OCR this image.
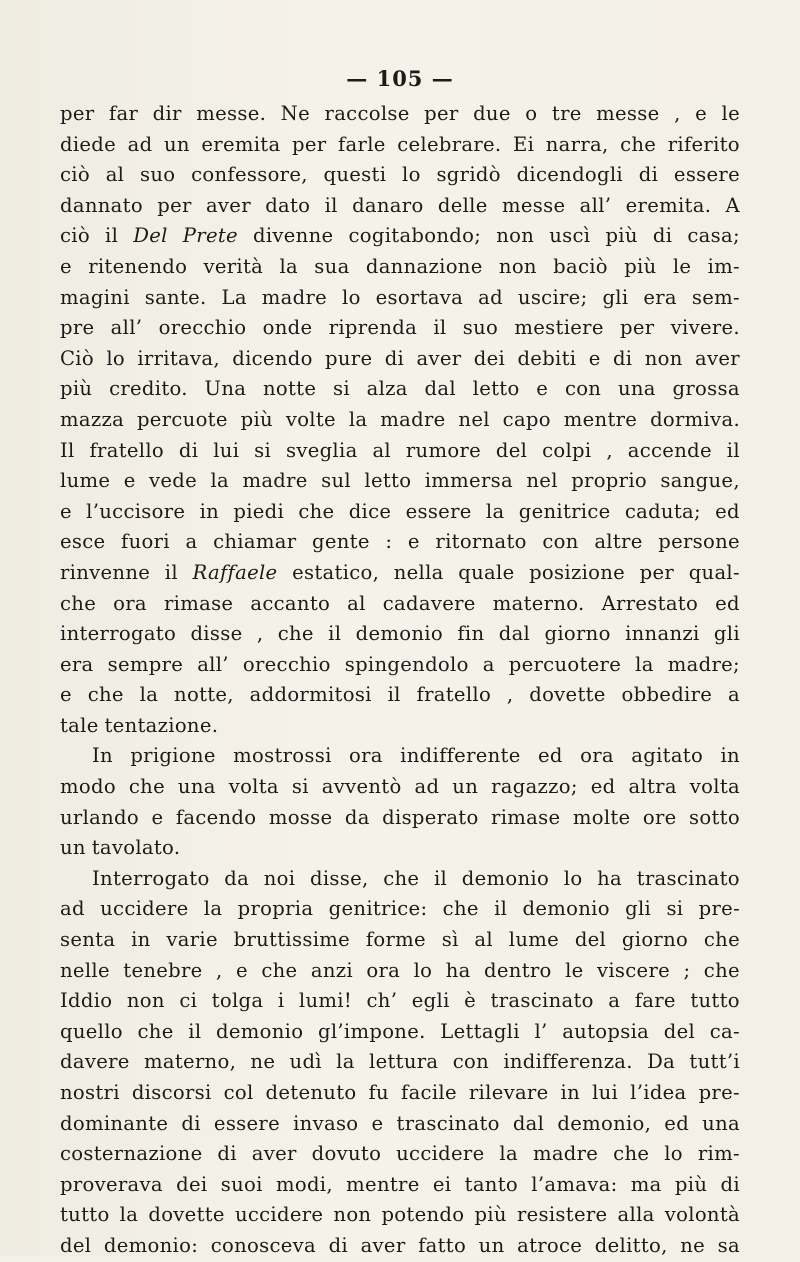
— 105 —
per far dir messe. Ne raccolse per due o tre messe , e le
diede ad un eremita per farle celebrare. Ei narra, che riferito
ciò al suo confessore, questi lo sgridò dicendogli di essere
dannato per aver dato il danaro delle messe all’ eremita. A
ciò il Del Prete divenne cogitabondo; non uscì più di casa;
e ritenendo verità la sua dannazione non baciò più le im-
magini sante. La madre lo esortava ad uscire; gli era sem-
pre all’ orecchio onde riprenda il suo mestiere per vivere.
Ciò lo irritava, dicendo pure di aver dei debiti e di non aver
più credito. Una notte si alza dal letto e con una grossa
mazza percuote più volte la madre nel capo mentre dormiva.
Il fratello di lui si sveglia al rumore del colpi , accende il
lume e vede la madre sul letto immersa nel proprio sangue,
e l’uccisore in piedi che dice essere la genitrice caduta; ed
esce fuori a chiamar gente : e ritornato con altre persone
rinvenne il Raffaele estatico, nella quale posizione per qual-
che ora rimase accanto al cadavere materno. Arrestato ed
interrogato disse , che il demonio fin dal giorno innanzi gli
era sempre all’ orecchio spingendolo a percuotere la madre;
e che la notte, addormitosi il fratello , dovette obbedire a
tale tentazione.
In prigione mostrossi ora indifferente ed ora agitato in
modo che una volta si avventò ad un ragazzo; ed altra volta
urlando e facendo mosse da disperato rimase molte ore sotto
un tavolato.
Interrogato da noi disse, che il demonio lo ha trascinato
ad uccidere la propria genitrice: che il demonio gli si pre-
senta in varie bruttissime forme sì al lume del giorno che
nelle tenebre , e che anzi ora lo ha dentro le viscere ; che
Iddio non ci tolga i lumi! ch’ egli è trascinato a fare tutto
quello che il demonio gl’impone. Lettagli l’ autopsia del ca-
davere materno, ne udì la lettura con indifferenza. Da tutt’i
nostri discorsi col detenuto fu facile rilevare in lui l’idea pre-
dominante di essere invaso e trascinato dal demonio, ed una
costernazione di aver dovuto uccidere la madre che lo rim-
proverava dei suoi modi, mentre ei tanto l’amava: ma più di
tutto la dovette uccidere non potendo più resistere alla volontà
del demonio: conosceva di aver fatto un atroce delitto, ne sa
